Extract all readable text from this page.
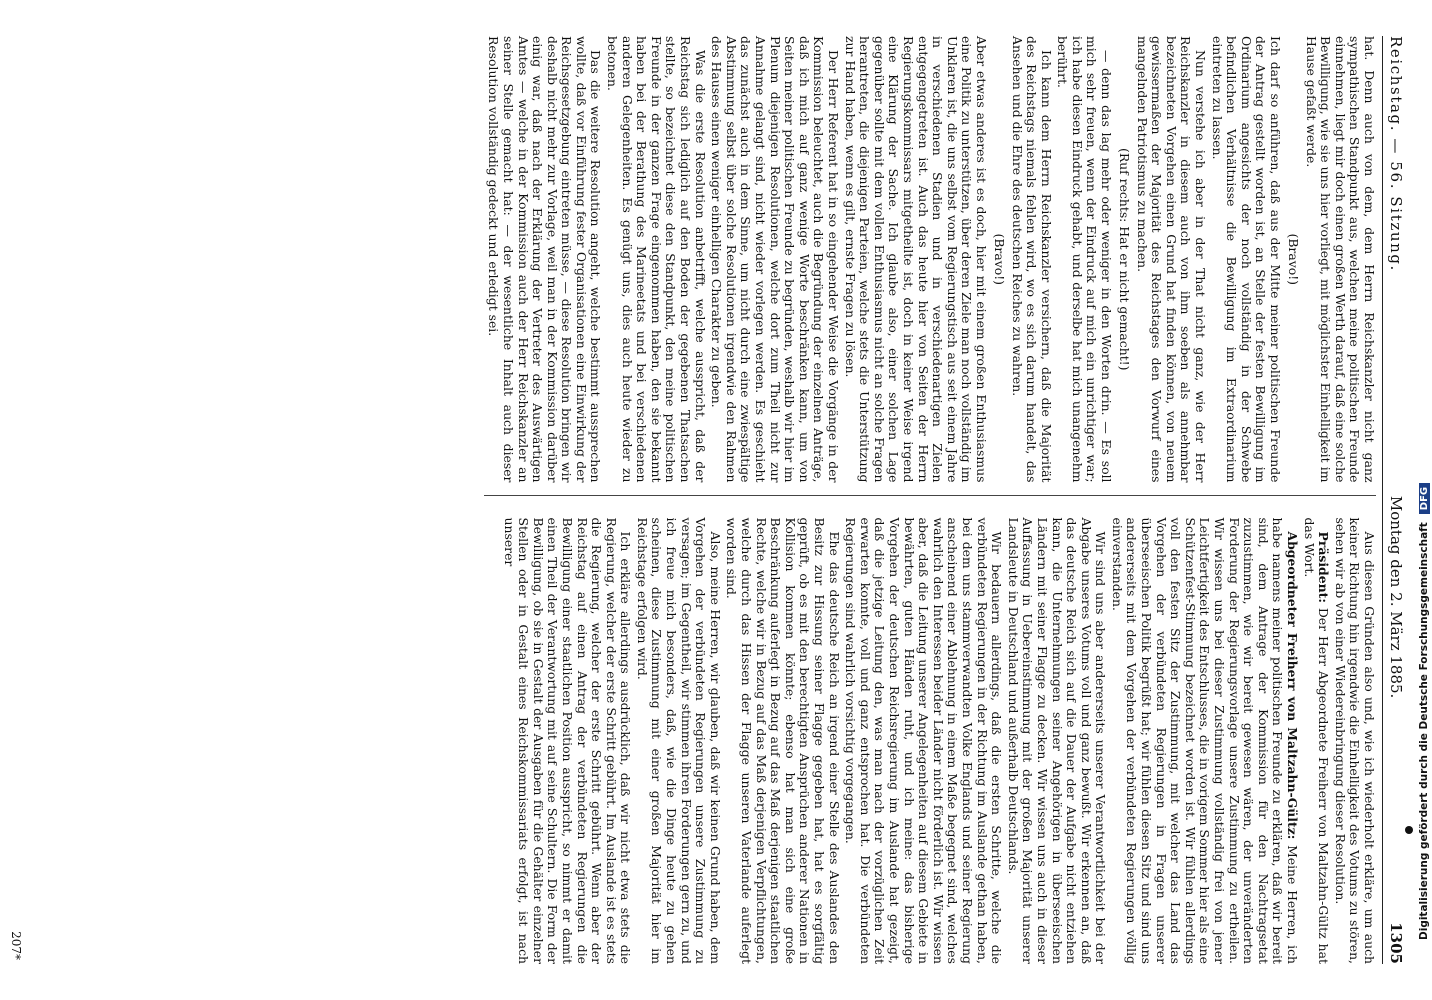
Reichstag. — 56. Sitzung.
Montag den 2. März 1885.
1305

hat. Denn auch von dem, dem Herrn Reichskanzler nicht ganz sympathischen Standpunkt aus, welchen meine politischen Freunde einnehmen, liegt mir doch einen großen Werth darauf, daß eine solche Bewilligung, wie sie uns hier vorliegt, mit möglichster Einhelligkeit im Hause gefaßt werde.

(Bravo!)

Ich darf so anführen, daß aus der Mitte meiner politischen Freunde der Antrag gestellt worden ist, an Stelle der festen Bewilligung im Ordinarium angesichts der noch vollständig in der Schwebe befindlichen Verhältnisse die Bewilligung im Extraordinarium eintreten zu lassen.

Nun verstehe ich aber in der That nicht ganz, wie der Herr Reichskanzler in diesem auch von ihm soeben als annehmbar bezeichneten Vorgehen einen Grund hat finden können, von neuem gewissermaßen der Majorität des Reichstages den Vorwurf eines mangelnden Patriotismus zu machen.

(Ruf rechts: Hat er nicht gemacht!)

— denn das lag mehr oder weniger in den Worten drin. — Es soll mich sehr freuen, wenn der Eindruck auf mich ein unrichtiger war; ich habe diesen Eindruck gehabt, und derselbe hat mich unangenehm berührt.

Ich kann dem Herrn Reichskanzler versichern, daß die Majorität des Reichstags niemals fehlen wird, wo es sich darum handelt, das Ansehen und die Ehre des deutschen Reiches zu wahren.

(Bravo!)

Aber etwas anderes ist es doch, hier mit einem großen Enthusiasmus eine Politik zu unterstützen, über deren Ziele man noch vollständig im Unklaren ist, die uns selbst vom Regierungstisch aus seit einem Jahre in verschiedenen Stadien und in verschiedenartigen Zielen entgegengetreten ist. Auch das heute hier von Seiten der Herrn Regierungskommissars mitgetheilte ist, doch in keiner Weise irgend eine Klärung der Sache. Ich glaube also, einer solchen Lage gegenüber sollte mit dem vollen Enthusiasmus nicht an solche Fragen herantreten, die diejenigen Parteien, welche stets die Unterstützung zur Hand haben, wenn es gilt, ernste Fragen zu lösen.

Der Herr Referent hat in so eingehender Weise die Vorgänge in der Kommission beleuchtet, auch die Begründung der einzelnen Anträge, daß ich mich auf ganz wenige Worte beschränken kann, um von Seiten meiner politischen Freunde zu begründen, weshalb wir hier im Plenum diejenigen Resolutionen, welche dort zum Theil nicht zur Annahme gelangt sind, nicht wieder vorlegen werden. Es geschieht das zunächst auch in dem Sinne, um nicht durch eine zwiespältige Abstimmung selbst über solche Resolutionen irgendwie den Rahmen des Hauses einen weniger einhelligen Charakter zu geben.

Was die erste Resolution anbetrifft, welche ausspricht, daß der Reichstag sich lediglich auf den Boden der gegebenen Thatsachen stellte, so bezeichnet diese den Standpunkt, den meine politischen Freunde in der ganzen Frage eingenommen haben, den sie bekannt haben bei der Berathung des Marineetats und bei verschiedenen anderen Gelegenheiten. Es genügt uns, dies auch heute wieder zu betonen.

Das die weitere Resolution angeht, welche bestimmt aussprechen wollte, daß vor Einführung fester Organisationen eine Einwirkung der Reichsgesetzgebung eintreten müsse, — diese Resolution bringen wir deshalb nicht mehr zur Vorlage, weil man in der Kommission darüber einig war, daß nach der Erklärung der Vertreter des Auswärtigen Amtes — welche in der Kommission auch der Herr Reichskanzler an seiner Stelle gemacht hat: — der wesentliche Inhalt auch dieser Resolution vollständig gedeckt und erledigt sei.

Aus diesen Gründen also und, wie ich wiederholt erkläre, um auch keiner Richtung hin irgendwie die Einhelligkeit des Votums zu stören, sehen wir ab von einer Wiedereinbringung dieser Resolution.

Präsident: Der Herr Abgeordnete Freiherr von Maltzahn-Gültz hat das Wort.

Abgeordneter Freiherr von Maltzahn-Gültz: Meine Herren, ich habe namens meiner politischen Freunde zu erklären, daß wir bereit sind, dem Antrage der Kommission für den Nachtragsetat zuzustimmen, wie wir bereit gewesen wären, der unveränderten Forderung der Regierungsvorlage unsere Zustimmung zu ertheilen. Wir wissen uns bei dieser Zustimmung vollständig frei von jener Leichtfertigkeit des Entschlusses, die in vorigem Sommer hier als eine Schützenfest-Stimmung bezeichnet worden ist. Wir fühlen allerdings voll den festen Sitz der Zustimmung, mit welcher das Land das Vorgehen der verbündeten Regierungen in Fragen unserer überseeischen Politik begrüßt hat; wir fühlen diesen Sitz und sind uns andererseits mit dem Vorgehen der verbündeten Regierungen völlig einverstanden.

Wir sind uns aber andererseits unserer Verantwortlichkeit bei der Abgabe unseres Votums voll und ganz bewußt. Wir erkennen an, daß das deutsche Reich sich auf die Dauer der Aufgabe nicht entziehen kann, die Unternehmungen seiner Angehörigen in überseeischen Ländern mit seiner Flagge zu decken. Wir wissen uns auch in dieser Auffassung in Uebereinstimmung mit der großen Majorität unserer Landsleute in Deutschland und außerhalb Deutschlands.

Wir bedauern allerdings, daß die ersten Schritte, welche die verbündeten Regierungen in der Richtung im Auslande gethan haben, bei dem uns stammverwandten Volke Englands und seiner Regierung anscheinend einer Ablehnung in einem Maße begegnet sind, welches wahrlich den Interessen beider Länder nicht förderlich ist. Wir wissen aber, daß die Leitung unserer Angelegenheiten auf diesem Gebiete in bewährten, guten Händen ruht, und ich meine: das bisherige Vorgehen der deutschen Reichsregierung im Auslande hat gezeigt, daß die jetzige Leitung den, was man nach der vorzüglichen Zeit erwarten konnte, voll und ganz entsprochen hat. Die verbündeten Regierungen sind wahrlich vorsichtig vorgegangen.

Ehe das deutsche Reich an irgend einer Stelle des Auslandes den Besitz zur Hissung seiner Flagge gegeben hat, hat es sorgfältig geprüft, ob es mit den berechtigten Ansprüchen anderer Nationen in Kollision kommen könnte; ebenso hat man sich eine große Beschränkung auferlegt in Bezug auf das Maß derjenigen staatlichen Rechte, welche wir in Bezug auf das Maß derjenigen Verpflichtungen, welche durch das Hissen der Flagge unseren Vaterlande auferlegt worden sind.

Also, meine Herren, wir glauben, daß wir keinen Grund haben, dem Vorgehen der verbündeten Regierungen unsere Zustimmung zu versagen; im Gegentheil, wir stimmen ihren Forderungen gern zu, und ich freue mich besonders, daß, wie die Dinge heute zu gehen scheinen, diese Zustimmung mit einer großen Majorität hier im Reichstage erfolgen wird.

Ich erkläre allerdings ausdrücklich, daß wir nicht etwa stets die Regierung, welcher der erste Schritt gebührt. Im Auslande ist es stets die Regierung, welcher der erste Schritt gebührt. Wenn aber der Reichstag auf einen Antrag der verbündeten Regierungen die Bewilligung einer staatlichen Position ausspricht, so nimmt er damit einen Theil der Verantwortung mit auf seine Schultern. Die Form der Bewilligung, ob sie in Gestalt der Ausgaben für die Gehälter einzelner Stellen oder in Gestalt eines Reichskommissariats erfolgt, ist nach unserer

207*
Digitalisierung gefördert durch die Deutsche Forschungsgemeinschaft
DFG
